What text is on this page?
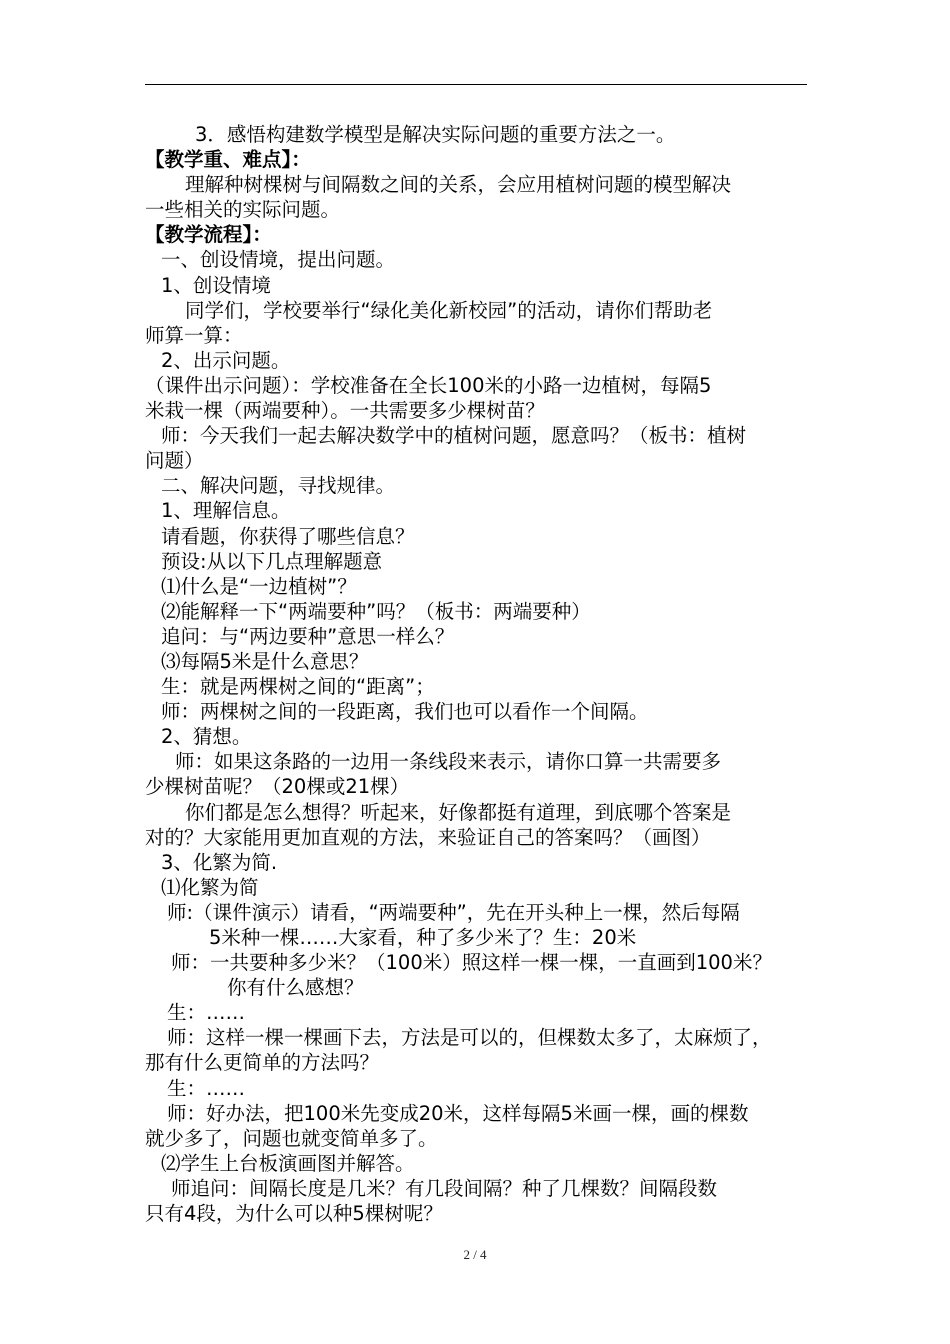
3．感悟构建数学模型是解决实际问题的重要方法之一。
【教学重、难点】：
理解种树棵树与间隔数之间的关系，会应用植树问题的模型解决
一些相关的实际问题。
【教学流程】：
一、创设情境，提出问题。
1、创设情境
同学们，学校要举行“绿化美化新校园”的活动，请你们帮助老
师算一算：
2、出示问题。
（课件出示问题）：学校准备在全长100米的小路一边植树，每隔5
米栽一棵（两端要种）。一共需要多少棵树苗？
师：今天我们一起去解决数学中的植树问题，愿意吗？（板书：植树
问题）
二、解决问题，寻找规律。
1、理解信息。
请看题，你获得了哪些信息？
预设:从以下几点理解题意
⑴什么是“一边植树”？
⑵能解释一下“两端要种”吗？（板书：两端要种）
追问：与“两边要种”意思一样么？
⑶每隔5米是什么意思？
生：就是两棵树之间的“距离”；
师：两棵树之间的一段距离，我们也可以看作一个间隔。
2、猜想。
师：如果这条路的一边用一条线段来表示，请你口算一共需要多
少棵树苗呢？（20棵或21棵）
你们都是怎么想得？听起来，好像都挺有道理，到底哪个答案是
对的？大家能用更加直观的方法，来验证自己的答案吗？（画图）
3、化繁为简.
⑴化繁为简
师:（课件演示）请看，“两端要种”，先在开头种上一棵，然后每隔
5米种一棵……大家看，种了多少米了？生：20米
师：一共要种多少米？（100米）照这样一棵一棵，一直画到100米？
你有什么感想？
生：……
师：这样一棵一棵画下去，方法是可以的，但棵数太多了，太麻烦了，
那有什么更简单的方法吗？
生：……
师：好办法，把100米先变成20米，这样每隔5米画一棵，画的棵数
就少多了，问题也就变简单多了。
⑵学生上台板演画图并解答。
师追问：间隔长度是几米？有几段间隔？种了几棵数？间隔段数
只有4段，为什么可以种5棵树呢？
2 / 4
